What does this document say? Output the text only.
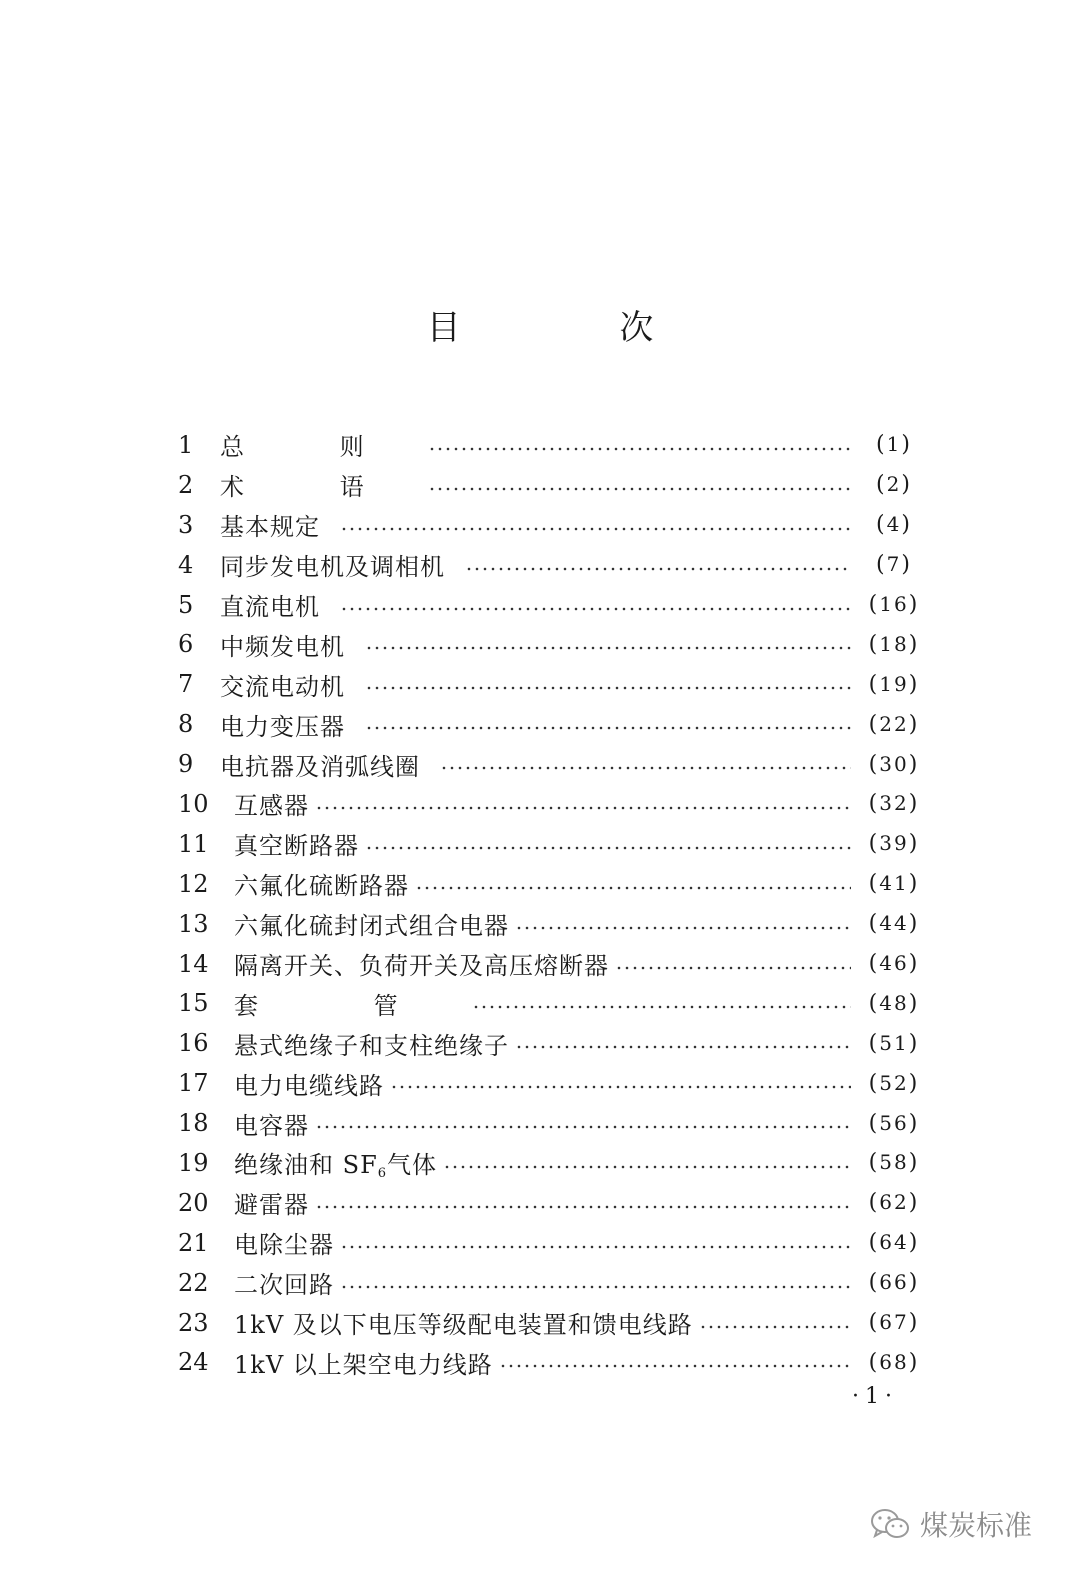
目 次
1	总 则	(1)
2	术 语	(2)
3	基本规定	(4)
4	同步发电机及调相机	(7)
5	直流电机	(16)
6	中频发电机	(18)
7	交流电动机	(19)
8	电力变压器	(22)
9	电抗器及消弧线圈	(30)
10	互感器	(32)
11	真空断路器	(39)
12	六氟化硫断路器	(41)
13	六氟化硫封闭式组合电器	(44)
14	隔离开关、负荷开关及高压熔断器	(46)
15	套 管	(48)
16	悬式绝缘子和支柱绝缘子	(51)
17	电力电缆线路	(52)
18	电容器	(56)
19	绝缘油和 $SF_6$气体	(58)
20	避雷器	(62)
21	电除尘器	(64)
22	二次回路	(66)
23	1kV 及以下电压等级配电装置和馈电线路	(67)
24	1kV 以上架空电力线路	(68)
·1·
煤炭标准
